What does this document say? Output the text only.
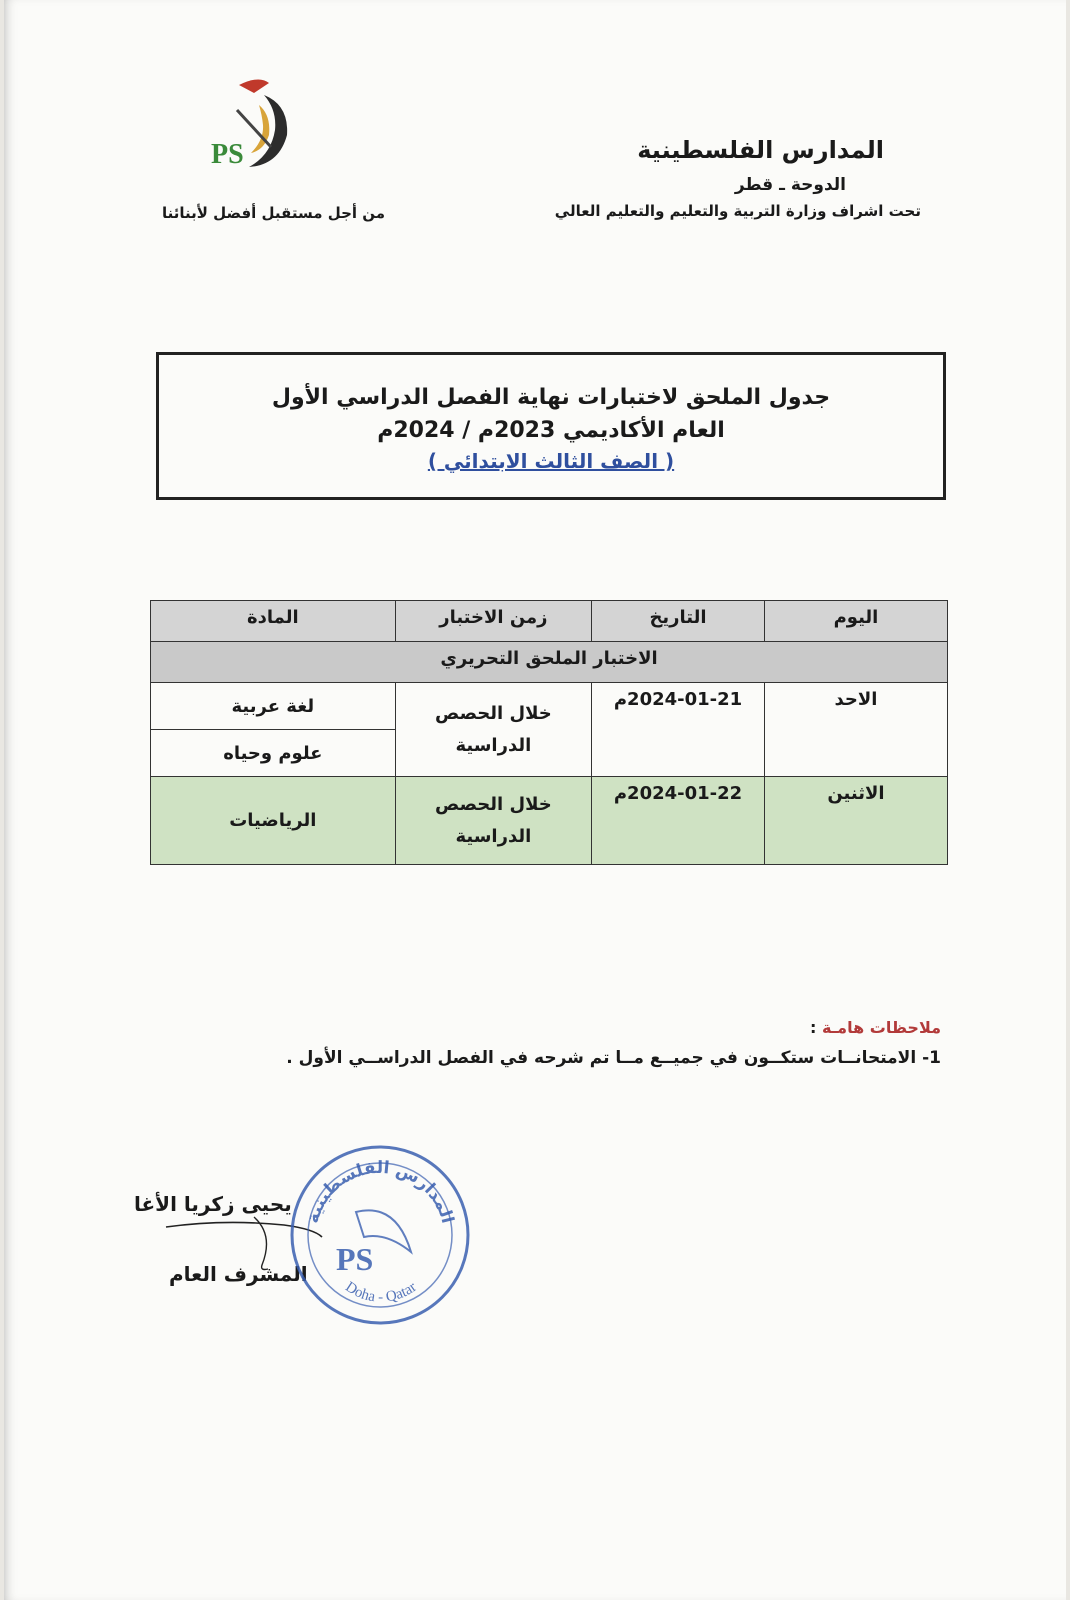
PS	المدارس الفلسطينية
الدوحة ـ قطر
تحت اشراف وزارة التربية والتعليم والتعليم العالي
من أجل مستقبل أفضل لأبنائنا
جدول الملحق لاختبارات نهاية الفصل الدراسي الأول
العام الأكاديمي 2023م / 2024م
( الصف الثالث الابتدائي )
اليوم	التاريخ	زمن الاختبار	المادة
الاختبار الملحق التحريري			
الاحد	2024-01-21م	خلال الحصص الدراسية	لغة عربية
			علوم وحياه
الاثنين	2024-01-22م	خلال الحصص الدراسية	الرياضيات
ملاحظات هامـة :
1- الامتحانــات ستكــون في جميــع مــا تم شرحه في الفصل الدراســي الأول .
يحيى زكريا الأغا
المشرف العام
المدارس الفلسطينية
Doha - Qatar
PS
